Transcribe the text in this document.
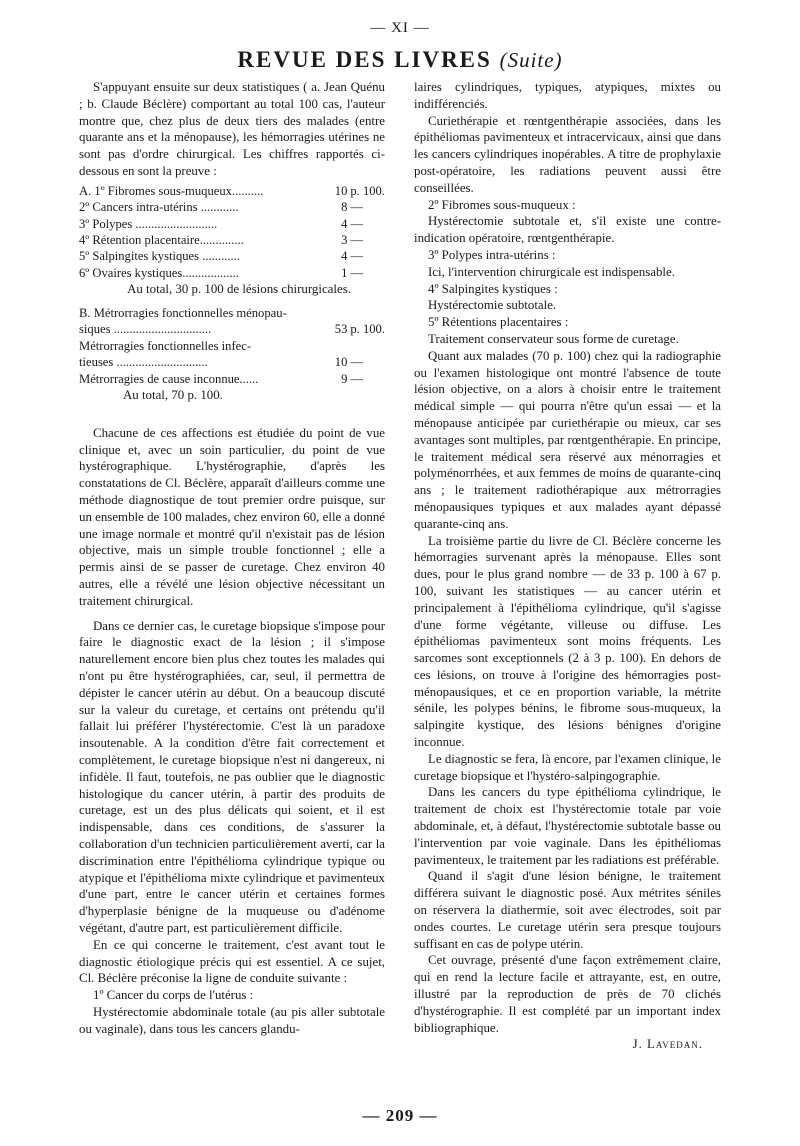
— XI —
REVUE DES LIVRES (Suite)

S'appuyant ensuite sur deux statistiques ( a. Jean Quénu ; b. Claude Béclère) comportant au total 100 cas, l'auteur montre que, chez plus de deux tiers des malades (entre quarante ans et la ménopause), les hémorragies utérines ne sont pas d'ordre chirurgical. Les chiffres rapportés ci-dessous en sont la preuve :

A. 1º Fibromes sous-muqueux..........	10	p. 100.
2º Cancers intra-utérins ............	8	—
3º Polypes ..........................	4	—
4º Rétention placentaire..............	3	—
5º Salpingites kystiques ............	4	—
6º Ovaires kystiques..................	1	—

Au total, 30 p. 100 de lésions chirurgicales.

B. Métrorragies fonctionnelles ménopau-		
siques ...............................	53	p. 100.
Métrorragies fonctionnelles infec-		
tieuses .............................	10	—
Métrorragies de cause inconnue......	9	—

Au total, 70 p. 100.

Chacune de ces affections est étudiée du point de vue clinique et, avec un soin particulier, du point de vue hystérographique. L'hystérographie, d'après les constatations de Cl. Béclère, apparaît d'ailleurs comme une méthode diagnostique de tout premier ordre puisque, sur un ensemble de 100 malades, chez environ 60, elle a donné une image normale et montré qu'il n'existait pas de lésion objective, mais un simple trouble fonctionnel ; elle a permis ainsi de se passer de curetage. Chez environ 40 autres, elle a révélé une lésion objective nécessitant un traitement chirurgical.

Dans ce dernier cas, le curetage biopsique s'impose pour faire le diagnostic exact de la lésion ; il s'impose naturellement encore bien plus chez toutes les malades qui n'ont pu être hystérographiées, car, seul, il permettra de dépister le cancer utérin au début. On a beaucoup discuté sur la valeur du curetage, et certains ont prétendu qu'il fallait lui préférer l'hystérectomie. C'est là un paradoxe insoutenable. A la condition d'être fait correctement et complètement, le curetage biopsique n'est ni dangereux, ni infidèle. Il faut, toutefois, ne pas oublier que le diagnostic histologique du cancer utérin, à partir des produits de curetage, est un des plus délicats qui soient, et il est indispensable, dans ces conditions, de s'assurer la collaboration d'un technicien particulièrement averti, car la discrimination entre l'épithélioma cylindrique typique ou atypique et l'épithélioma mixte cylindrique et pavimenteux d'une part, entre le cancer utérin et certaines formes d'hyperplasie bénigne de la muqueuse ou d'adénome végétant, d'autre part, est particulièrement difficile.

En ce qui concerne le traitement, c'est avant tout le diagnostic étiologique précis qui est essentiel. A ce sujet, Cl. Béclère préconise la ligne de conduite suivante :

1º Cancer du corps de l'utérus :

Hystérectomie abdominale totale (au pis aller subtotale ou vaginale), dans tous les cancers glandu-

laires cylindriques, typiques, atypiques, mixtes ou indifférenciés.

Curiethérapie et rœntgenthérapie associées, dans les épithéliomas pavimenteux et intracervicaux, ainsi que dans les cancers cylindriques inopérables. A titre de prophylaxie post-opératoire, les radiations peuvent aussi être conseillées.

2º Fibromes sous-muqueux :

Hystérectomie subtotale et, s'il existe une contre-indication opératoire, rœntgenthérapie.

3º Polypes intra-utérins :

Ici, l'intervention chirurgicale est indispensable.

4º Salpingites kystiques :

Hystérectomie subtotale.

5º Rétentions placentaires :

Traitement conservateur sous forme de curetage.

Quant aux malades (70 p. 100) chez qui la radiographie ou l'examen histologique ont montré l'absence de toute lésion objective, on a alors à choisir entre le traitement médical simple — qui pourra n'être qu'un essai — et la ménopause anticipée par curiethérapie ou mieux, car ses avantages sont multiples, par rœntgenthérapie. En principe, le traitement médical sera réservé aux ménorragies et polyménorrhées, et aux femmes de moins de quarante-cinq ans ; le traitement radiothérapique aux métrorragies ménopausiques typiques et aux malades ayant dépassé quarante-cinq ans.

La troisième partie du livre de Cl. Béclère concerne les hémorragies survenant après la ménopause. Elles sont dues, pour le plus grand nombre — de 33 p. 100 à 67 p. 100, suivant les statistiques — au cancer utérin et principalement à l'épithélioma cylindrique, qu'il s'agisse d'une forme végétante, villeuse ou diffuse. Les épithéliomas pavimenteux sont moins fréquents. Les sarcomes sont exceptionnels (2 à 3 p. 100). En dehors de ces lésions, on trouve à l'origine des hémorragies post-ménopausiques, et ce en proportion variable, la métrite sénile, les polypes bénins, le fibrome sous-muqueux, la salpingite kystique, des lésions bénignes d'origine inconnue.

Le diagnostic se fera, là encore, par l'examen clinique, le curetage biopsique et l'hystéro-salpingographie.

Dans les cancers du type épithélioma cylindrique, le traitement de choix est l'hystérectomie totale par voie abdominale, et, à défaut, l'hystérectomie subtotale basse ou l'intervention par voie vaginale. Dans les épithéliomas pavimenteux, le traitement par les radiations est préférable.

Quand il s'agit d'une lésion bénigne, le traitement différera suivant le diagnostic posé. Aux métrites séniles on réservera la diathermie, soit avec électrodes, soit par ondes courtes. Le curetage utérin sera presque toujours suffisant en cas de polype utérin.

Cet ouvrage, présenté d'une façon extrêmement claire, qui en rend la lecture facile et attrayante, est, en outre, illustré par la reproduction de près de 70 clichés d'hystérographie. Il est complété par un important index bibliographique.

J. Lavedan.

— 209 —
